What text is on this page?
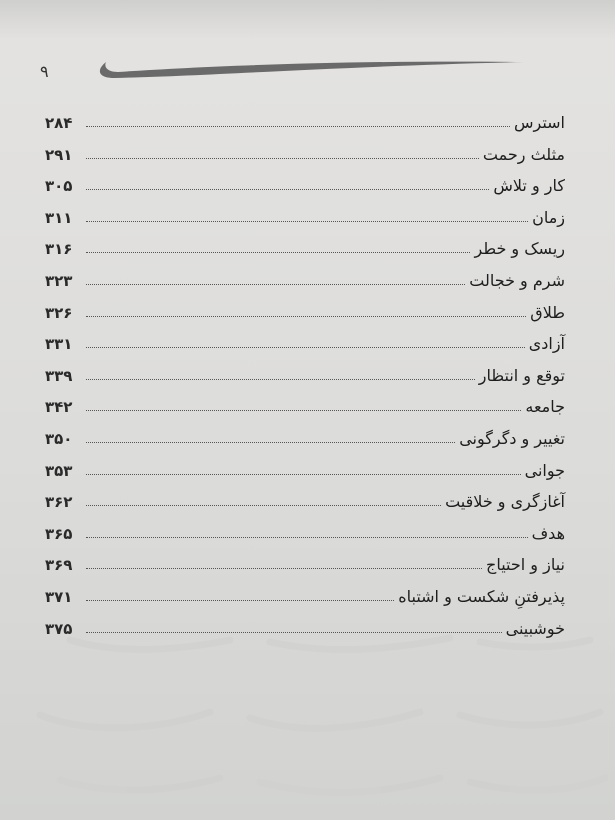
۹
استرس
۲۸۴
مثلث رحمت
۲۹۱
کار و تلاش
۳۰۵
زمان
۳۱۱
ریسک و خطر
۳۱۶
شرم و خجالت
۳۲۳
طلاق
۳۲۶
آزادی
۳۳۱
توقع و انتظار
۳۳۹
جامعه
۳۴۲
تغییر و دگرگونی
۳۵۰
جوانی
۳۵۳
آغازگری و خلاقیت
۳۶۲
هدف
۳۶۵
نیاز و احتیاج
۳۶۹
پذیرفتنِ شکست و اشتباه
۳۷۱
خوشبینی
۳۷۵
